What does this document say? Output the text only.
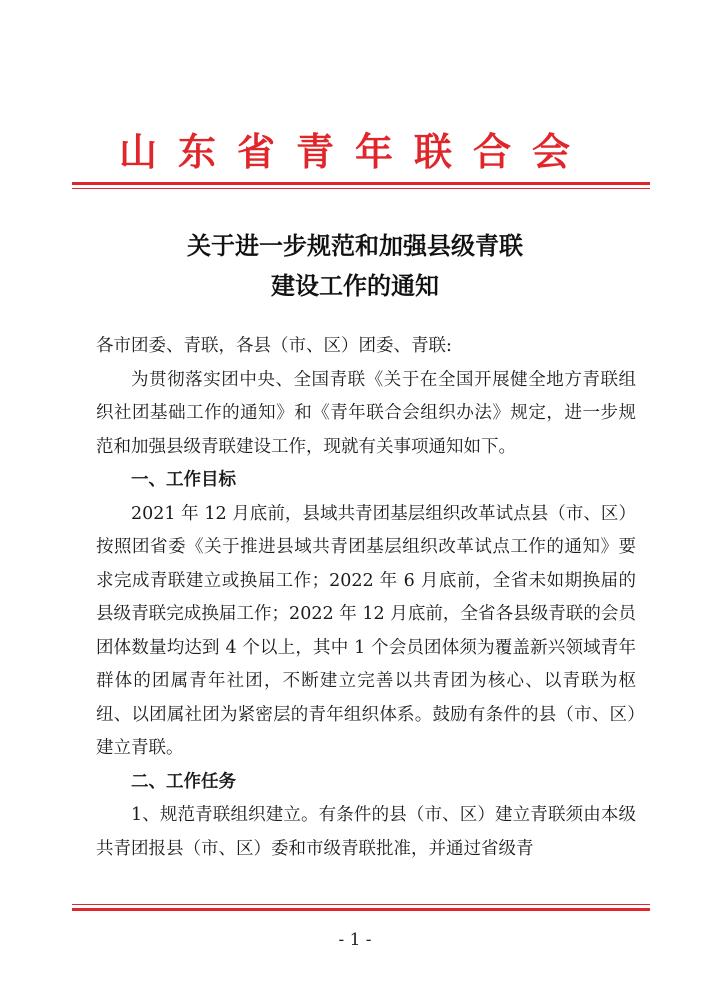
山东省青年联合会
关于进一步规范和加强县级青联
建设工作的通知

各市团委、青联，各县（市、区）团委、青联:

为贯彻落实团中央、全国青联《关于在全国开展健全地方青联组织社团基础工作的通知》和《青年联合会组织办法》规定，进一步规范和加强县级青联建设工作，现就有关事项通知如下。

一、工作目标

2021 年 12 月底前，县域共青团基层组织改革试点县（市、区）按照团省委《关于推进县域共青团基层组织改革试点工作的通知》要求完成青联建立或换届工作；2022 年 6 月底前，全省未如期换届的县级青联完成换届工作；2022 年 12 月底前，全省各县级青联的会员团体数量均达到 4 个以上，其中 1 个会员团体须为覆盖新兴领域青年群体的团属青年社团，不断建立完善以共青团为核心、以青联为枢纽、以团属社团为紧密层的青年组织体系。鼓励有条件的县（市、区）建立青联。

二、工作任务

1、规范青联组织建立。有条件的县（市、区）建立青联须由本级共青团报县（市、区）委和市级青联批准，并通过省级青

- 1 -
